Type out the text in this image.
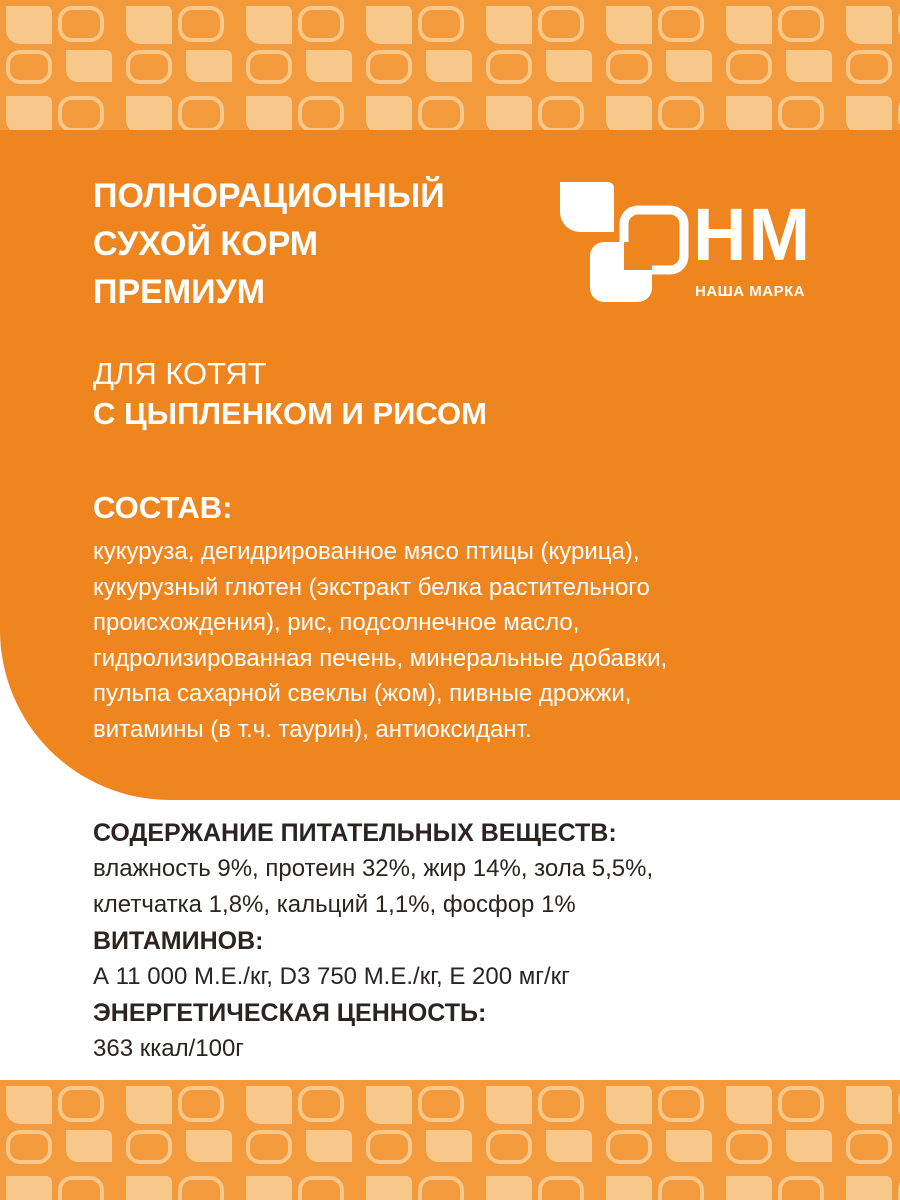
ПОЛНОРАЦИОННЫЙ
СУХОЙ КОРМ
ПРЕМИУМ
НМ
НАША МАРКА

ДЛЯ КОТЯТ

С ЦЫПЛЕНКОМ И РИСОМ

СОСТАВ:

кукуруза, дегидрированное мясо птицы (курица),
кукурузный глютен (экстракт белка растительного
происхождения), рис, подсолнечное масло,
гидролизированная печень, минеральные добавки,
пульпа сахарной свеклы (жом), пивные дрожжи,
витамины (в т.ч. таурин), антиоксидант.
СОДЕРЖАНИЕ ПИТАТЕЛЬНЫХ ВЕЩЕСТВ:
влажность 9%, протеин 32%, жир 14%, зола 5,5%,
клетчатка 1,8%, кальций 1,1%, фосфор 1%
ВИТАМИНОВ:
А 11 000 М.Е./кг, D3 750 М.Е./кг, Е 200 мг/кг
ЭНЕРГЕТИЧЕСКАЯ ЦЕННОСТЬ:
363 ккал/100г
